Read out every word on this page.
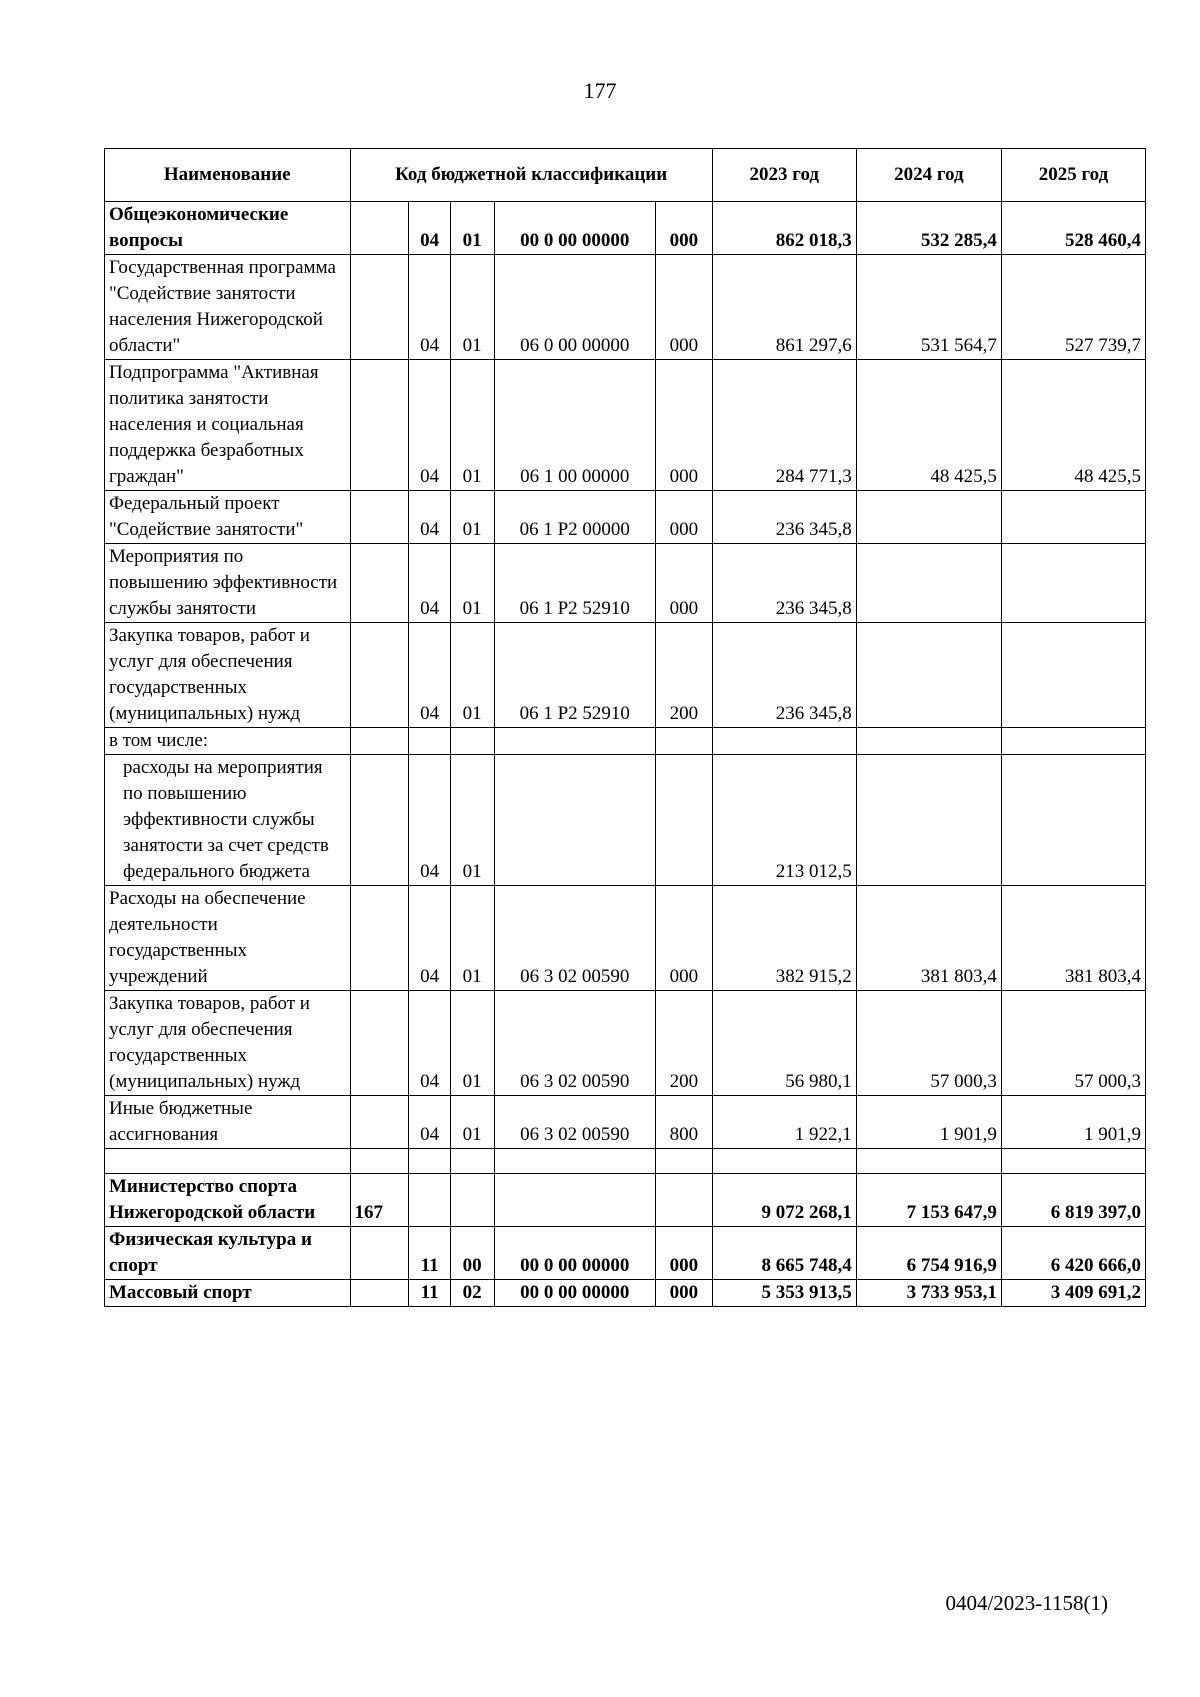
177
Наименование	Код бюджетной классификации					2023 год	2024 год	2025 год
Общеэкономические вопросы		04	01	00 0 00 00000	000	862 018,3	532 285,4	528 460,4
Государственная программа "Содействие занятости населения Нижегородской области"		04	01	06 0 00 00000	000	861 297,6	531 564,7	527 739,7
Подпрограмма "Активная политика занятости населения и социальная поддержка безработных граждан"		04	01	06 1 00 00000	000	284 771,3	48 425,5	48 425,5
Федеральный проект "Содействие занятости"		04	01	06 1 Р2 00000	000	236 345,8		
Мероприятия по повышению эффективности службы занятости		04	01	06 1 Р2 52910	000	236 345,8		
Закупка товаров, работ и услуг для обеспечения государственных (муниципальных) нужд		04	01	06 1 Р2 52910	200	236 345,8		
в том числе:								
расходы на мероприятия по повышению эффективности службы занятости за счет средств федерального бюджета		04	01			213 012,5		
Расходы на обеспечение деятельности государственных учреждений		04	01	06 3 02 00590	000	382 915,2	381 803,4	381 803,4
Закупка товаров, работ и услуг для обеспечения государственных (муниципальных) нужд		04	01	06 3 02 00590	200	56 980,1	57 000,3	57 000,3
Иные бюджетные ассигнования		04	01	06 3 02 00590	800	1 922,1	1 901,9	1 901,9

Министерство спорта Нижегородской области	167					9 072 268,1	7 153 647,9	6 819 397,0
Физическая культура и спорт		11	00	00 0 00 00000	000	8 665 748,4	6 754 916,9	6 420 666,0
Массовый спорт		11	02	00 0 00 00000	000	5 353 913,5	3 733 953,1	3 409 691,2
0404/2023-1158(1)
